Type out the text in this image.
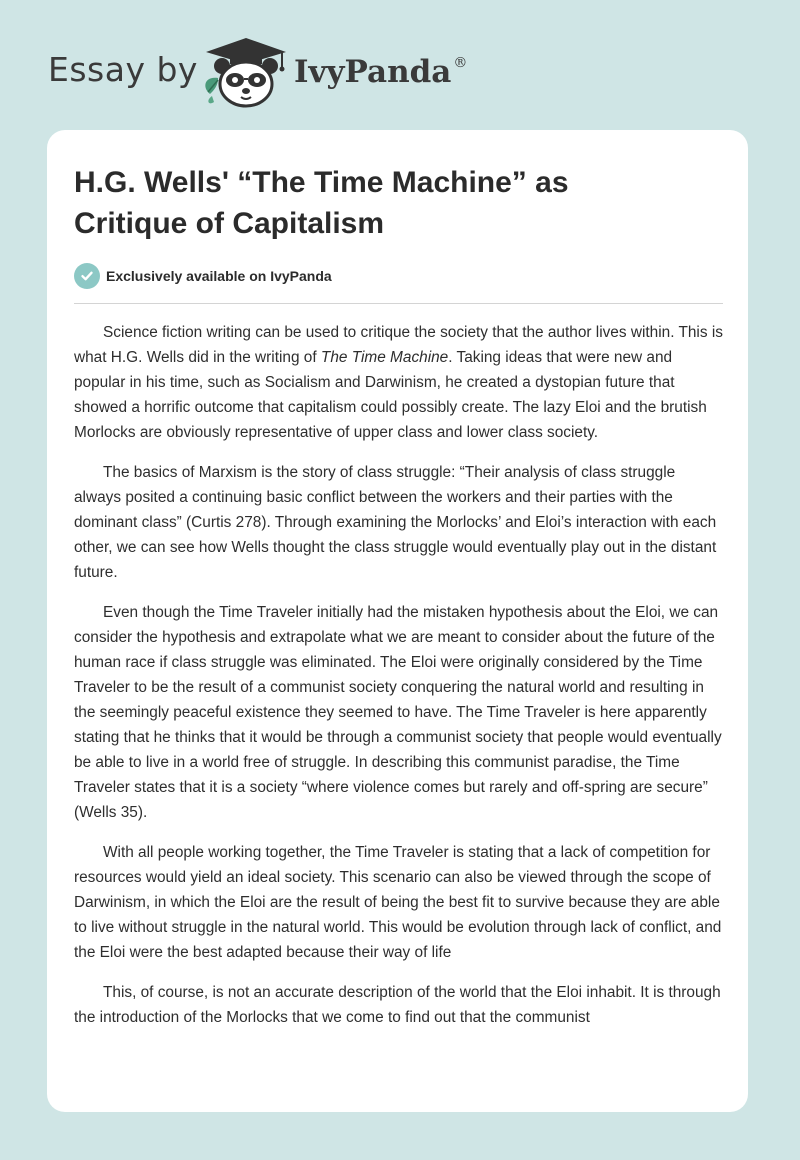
Essay by	IvyPanda ®
H.G. Wells' “The Time Machine” as
Critique of Capitalism
Exclusively available on IvyPanda

Science fiction writing can be used to critique the society that the author lives within. This is what H.G. Wells did in the writing of The Time Machine. Taking ideas that were new and popular in his time, such as Socialism and Darwinism, he created a dystopian future that showed a horrific outcome that capitalism could possibly create. The lazy Eloi and the brutish Morlocks are obviously representative of upper class and lower class society.

The basics of Marxism is the story of class struggle: “Their analysis of class struggle always posited a continuing basic conflict between the workers and their parties with the dominant class” (Curtis 278). Through examining the Morlocks’ and Eloi’s interaction with each other, we can see how Wells thought the class struggle would eventually play out in the distant future.

Even though the Time Traveler initially had the mistaken hypothesis about the Eloi, we can consider the hypothesis and extrapolate what we are meant to consider about the future of the human race if class struggle was eliminated. The Eloi were originally considered by the Time Traveler to be the result of a communist society conquering the natural world and resulting in the seemingly peaceful existence they seemed to have. The Time Traveler is here apparently stating that he thinks that it would be through a communist society that people would eventually be able to live in a world free of struggle. In describing this communist paradise, the Time Traveler states that it is a society “where violence comes but rarely and off-spring are secure” (Wells 35).

With all people working together, the Time Traveler is stating that a lack of competition for resources would yield an ideal society. This scenario can also be viewed through the scope of Darwinism, in which the Eloi are the result of being the best fit to survive because they are able to live without struggle in the natural world. This would be evolution through lack of conflict, and the Eloi were the best adapted because their way of life

This, of course, is not an accurate description of the world that the Eloi inhabit. It is through the introduction of the Morlocks that we come to find out that the communist
